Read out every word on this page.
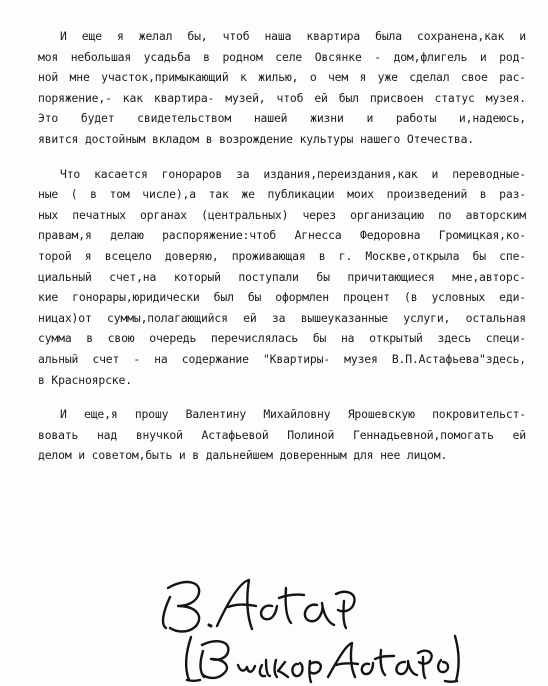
И еще я желал бы, чтоб наша квартира была сохранена,как и
моя небольшая усадьба в родном селе Овсянке - дом,флигель и род-
ной мне участок,примыкающий к жилью, о чем я уже сделал свое рас-
поряжение,- как квартира- музей, чтоб ей был присвоен статус музея.
Это будет свидетельством нашей жизни и работы и,надеюсь,
явится достойным вкладом в возрождение культуры нашего Отечества.
Что касается гонораров за издания,переиздания,как и переводные-
ные ( в том числе),а так же публикации моих произведений в раз-
ных печатных органах (центральных) через организацию по авторским
правам,я делаю распоряжение:чтоб Агнесса Федоровна Громицкая,ко-
торой я всецело доверяю, проживающая в г. Москве,открыла бы спе-
циальный счет,на который поступали бы причитающиеся мне,авторс-
кие гонорары,юридически был бы оформлен процент (в условных еди-
ницах)от суммы,полагающийся ей за вышеуказанные услуги, остальная
сумма в свою очередь перечислялась бы на открытый здесь специ-
альный счет - на содержание "Квартиры- музея В.П.Астафьева"здесь,
в Красноярске.
И еще,я прошу Валентину Михайловну Ярошевскую покровительст-
вовать над внучкой Астафьевой Полиной Геннадьевной,помогать ей
делом и советом,быть и в дальнейшем доверенным для нее лицом.
